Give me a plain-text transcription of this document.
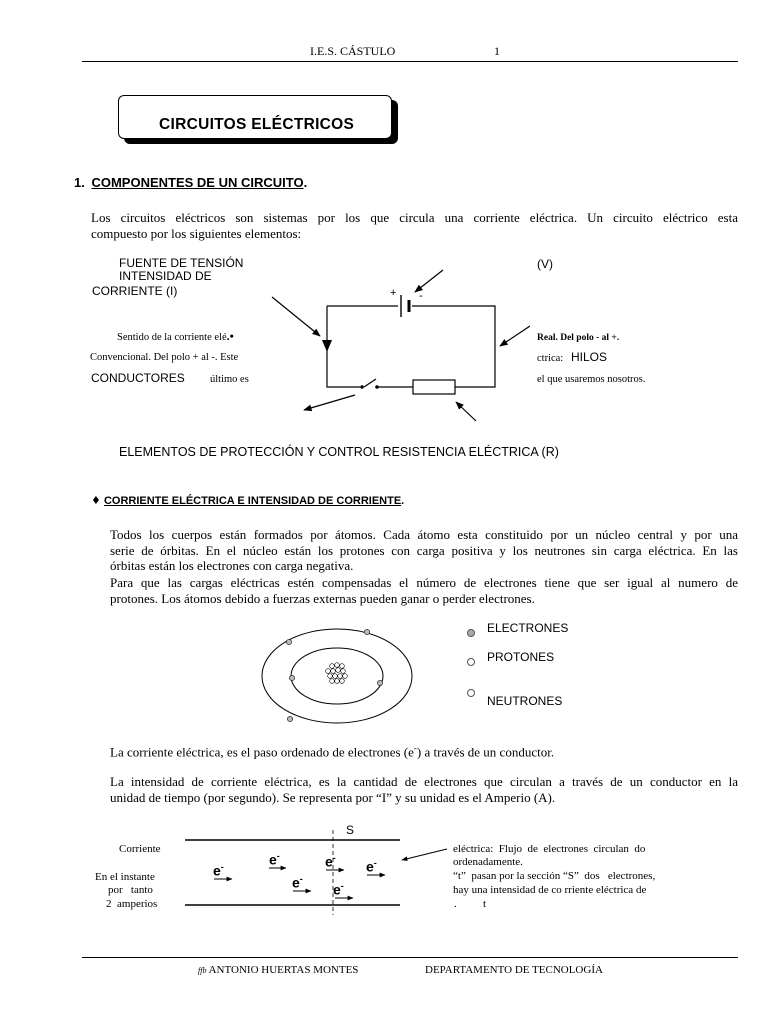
I.E.S. CÁSTULO	1
CIRCUITOS ELÉCTRICOS
1. COMPONENTES DE UN CIRCUITO.
Los circuitos eléctricos son sistemas por los que circula una corriente eléctrica. Un circuito eléctrico esta
compuesto por los siguientes elementos:
FUENTE DE TENSIÓN	(V)
INTENSIDAD DE
CORRIENTE (I)
Sentido de la corriente elé.•
Convencional. Del polo + al -. Este
CONDUCTORES último es
Real. Del polo - al +.
ctrica: HILOS
el que usaremos nosotros.
+ -
ELEMENTOS DE PROTECCIÓN Y CONTROL RESISTENCIA ELÉCTRICA (R)
♦ CORRIENTE ELÉCTRICA E INTENSIDAD DE CORRIENTE.
Todos los cuerpos están formados por átomos. Cada átomo esta constituido por un núcleo central y por una
serie de órbitas. En el núcleo están los protones con carga positiva y los neutrones sin carga eléctrica. En las
órbitas están los electrones con carga negativa.
Para que las cargas eléctricas estén compensadas el número de electrones tiene que ser igual al numero de
protones. Los átomos debido a fuerzas externas pueden ganar o perder electrones.
ELECTRONES
PROTONES
NEUTRONES
La corriente eléctrica, es el paso ordenado de electrones (e-) a través de un conductor.
La intensidad de corriente eléctrica, es la cantidad de electrones que circulan a través de un conductor en la
unidad de tiempo (por segundo). Se representa por “I” y su unidad es el Amperio (A).
S
e-	e-	e-
e-
e-
e-
Corriente
En el instante
por   tanto
2  amperios
eléctrica:  Flujo  de  electrones  circulan  do
ordenadamente.
“t”  pasan por la sección “S”  dos   electrones,
hay una intensidad de co rriente eléctrica de
. t
ffb ANTONIO HUERTAS MONTES	DEPARTAMENTO DE TECNOLOGÍA
